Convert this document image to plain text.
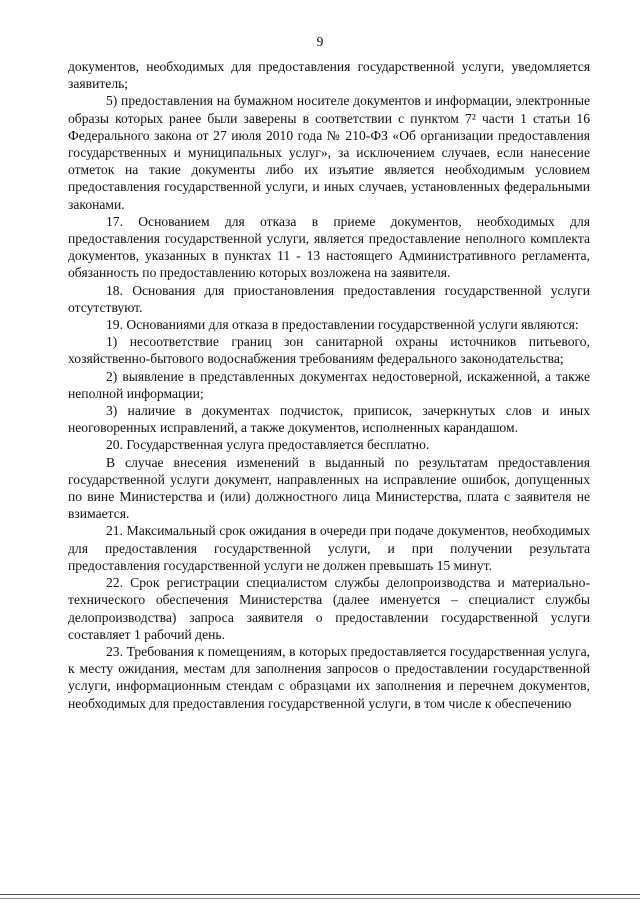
9

документов, необходимых для предоставления государственной услуги, уведомляется заявитель;

5) предоставления на бумажном носителе документов и информации, электронные образы которых ранее были заверены в соответствии с пунктом 7² части 1 статьи 16 Федерального закона от 27 июля 2010 года № 210-ФЗ «Об организации предоставления государственных и муниципальных услуг», за исключением случаев, если нанесение отметок на такие документы либо их изъятие является необходимым условием предоставления государственной услуги, и иных случаев, установленных федеральными законами.

17. Основанием для отказа в приеме документов, необходимых для предоставления государственной услуги, является предоставление неполного комплекта документов, указанных в пунктах 11 - 13 настоящего Административного регламента, обязанность по предоставлению которых возложена на заявителя.

18. Основания для приостановления предоставления государственной услуги отсутствуют.

19. Основаниями для отказа в предоставлении государственной услуги являются:

1) несоответствие границ зон санитарной охраны источников питьевого, хозяйственно-бытового водоснабжения требованиям федерального законодательства;

2) выявление в представленных документах недостоверной, искаженной, а также неполной информации;

3) наличие в документах подчисток, приписок, зачеркнутых слов и иных неоговоренных исправлений, а также документов, исполненных карандашом.

20. Государственная услуга предоставляется бесплатно.

В случае внесения изменений в выданный по результатам предоставления государственной услуги документ, направленных на исправление ошибок, допущенных по вине Министерства и (или) должностного лица Министерства, плата с заявителя не взимается.

21. Максимальный срок ожидания в очереди при подаче документов, необходимых для предоставления государственной услуги, и при получении результата предоставления государственной услуги не должен превышать 15 минут.

22. Срок регистрации специалистом службы делопроизводства и материально-технического обеспечения Министерства (далее именуется – специалист службы делопроизводства) запроса заявителя о предоставлении государственной услуги составляет 1 рабочий день.

23. Требования к помещениям, в которых предоставляется государственная услуга, к месту ожидания, местам для заполнения запросов о предоставлении государственной услуги, информационным стендам с образцами их заполнения и перечнем документов, необходимых для предоставления государственной услуги, в том числе к обеспечению
